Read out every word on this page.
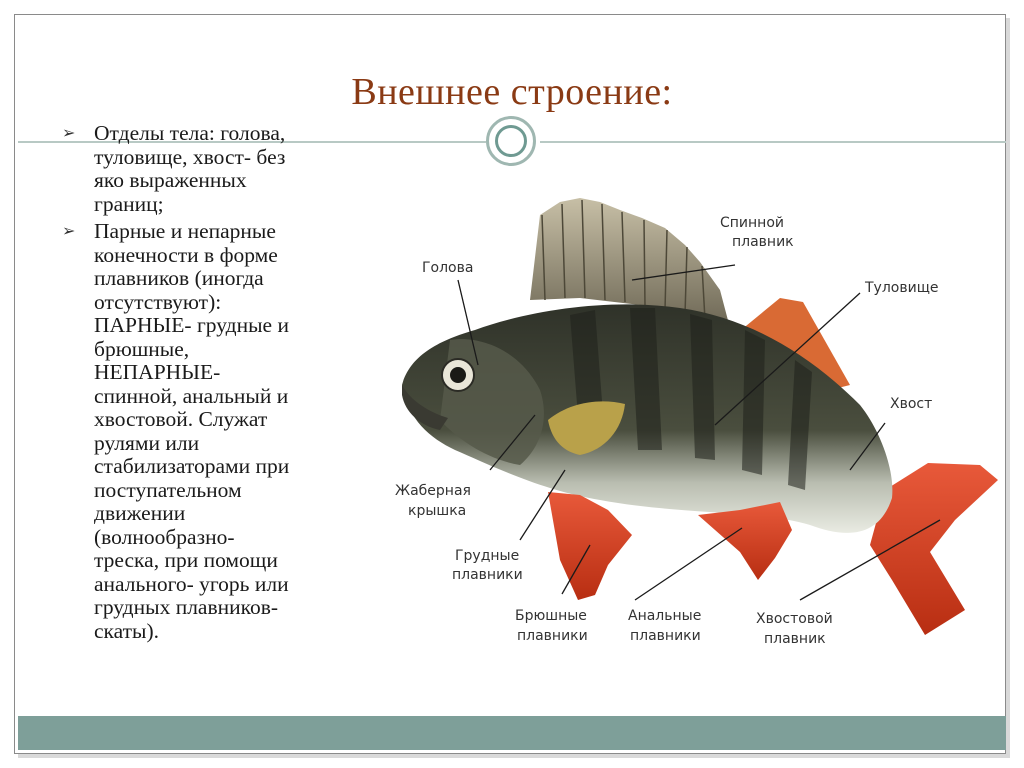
Внешнее строение:
➢ Отделы тела: голова,
туловище, хвост- без
яко выраженных
границ;
➢ Парные и непарные
конечности в форме
плавников (иногда
отсутствуют):
ПАРНЫЕ- грудные и
брюшные,
НЕПАРНЫЕ-
спинной, анальный и
хвостовой. Служат
рулями или
стабилизаторами при
поступательном
движении
(волнообразно-
треска, при помощи
анального- угорь или
грудных плавников-
скаты).
Голова
Спинной
плавник
Туловище
Хвост
Жаберная
крышка
Грудные
плавники
Брюшные
плавники
Анальные
плавники
Хвостовой
плавник
